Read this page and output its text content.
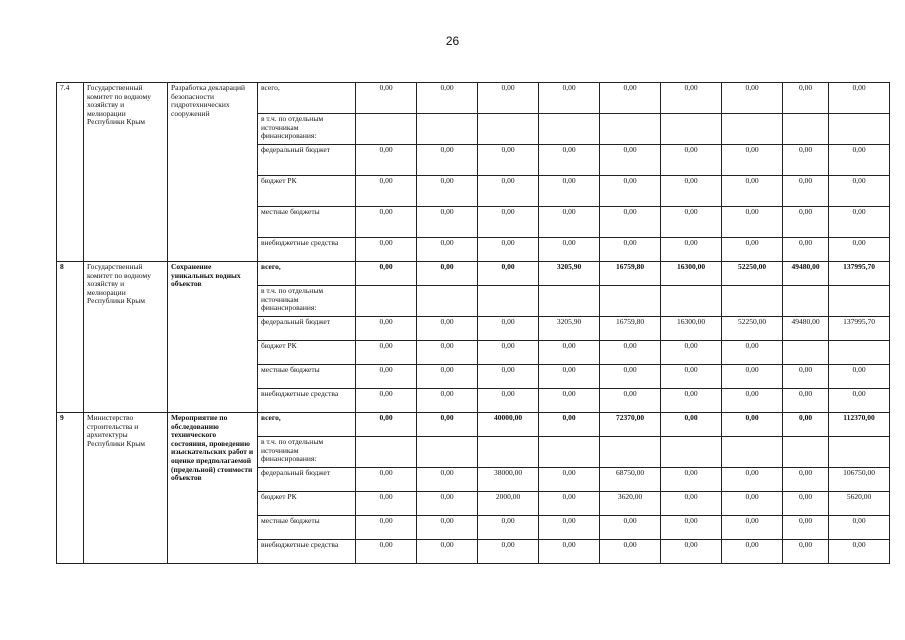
26
7.4	Государственный комитет по водному хозяйству и мелиорации Республики Крым	Разработка деклараций безопасности гидротехнических сооружений	всего,	0,00	0,00	0,00	0,00	0,00	0,00	0,00	0,00	0,00
			в т.ч. по отдельным источникам финансирования:									
			федеральный бюджет	0,00	0,00	0,00	0,00	0,00	0,00	0,00	0,00	0,00
			бюджет РК	0,00	0,00	0,00	0,00	0,00	0,00	0,00	0,00	0,00
			местные бюджеты	0,00	0,00	0,00	0,00	0,00	0,00	0,00	0,00	0,00
			внебюджетные средства	0,00	0,00	0,00	0,00	0,00	0,00	0,00	0,00	0,00
8	Государственный комитет по водному хозяйству и мелиорации Республики Крым	Сохранение уникальных водных объектов	всего,	0,00	0,00	0,00	3205,90	16759,80	16300,00	52250,00	49480,00	137995,70
			в т.ч. по отдельным источникам финансирования:									
			федеральный бюджет	0,00	0,00	0,00	3205,90	16759,80	16300,00	52250,00	49480,00	137995,70
			бюджет РК	0,00	0,00	0,00	0,00	0,00	0,00	0,00		
			местные бюджеты	0,00	0,00	0,00	0,00	0,00	0,00	0,00	0,00	0,00
			внебюджетные средства	0,00	0,00	0,00	0,00	0,00	0,00	0,00	0,00	0,00
9	Министерство строительства и архитектуры Республики Крым	Мероприятие по обследованию технического состояния, проведению изыскательских работ и оценке предполагаемой (предельной) стоимости объектов	всего,	0,00	0,00	40000,00	0,00	72370,00	0,00	0,00	0,00	112370,00
			в т.ч. по отдельным источникам финансирования:									
			федеральный бюджет	0,00	0,00	38000,00	0,00	68750,00	0,00	0,00	0,00	106750,00
			бюджет РК	0,00	0,00	2000,00	0,00	3620,00	0,00	0,00	0,00	5620,00
			местные бюджеты	0,00	0,00	0,00	0,00	0,00	0,00	0,00	0,00	0,00
			внебюджетные средства	0,00	0,00	0,00	0,00	0,00	0,00	0,00	0,00	0,00
